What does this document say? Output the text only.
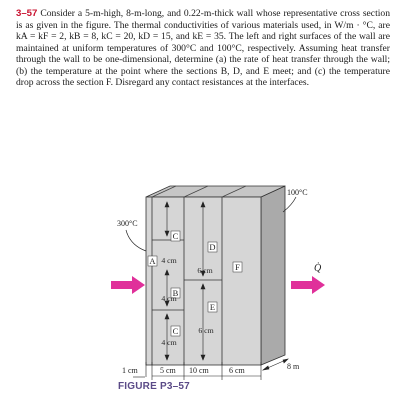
3–57 Consider a 5-m-high, 8-m-long, and 0.22-m-thick wall whose representative cross section is as given in the figure. The thermal conductivities of various materials used, in W/m · °C, are kA = kF = 2, kB = 8, kC = 20, kD = 15, and kE = 35. The left and right surfaces of the wall are maintained at uniform temperatures of 300°C and 100°C, respectively. Assuming heat transfer through the wall to be one-dimensional, determine (a) the rate of heat transfer through the wall; (b) the temperature at the point where the sections B, D, and E meet; and (c) the temperature drop across the section F. Disregard any contact resistances at the interfaces.
C
A
B
C
D
E
F
4 cm
4 cm
4 cm
6 cm
6 cm
300°C
100°C
Q̇
8 m
1 cm	5 cm 10 cm	6 cm
FIGURE P3–57
